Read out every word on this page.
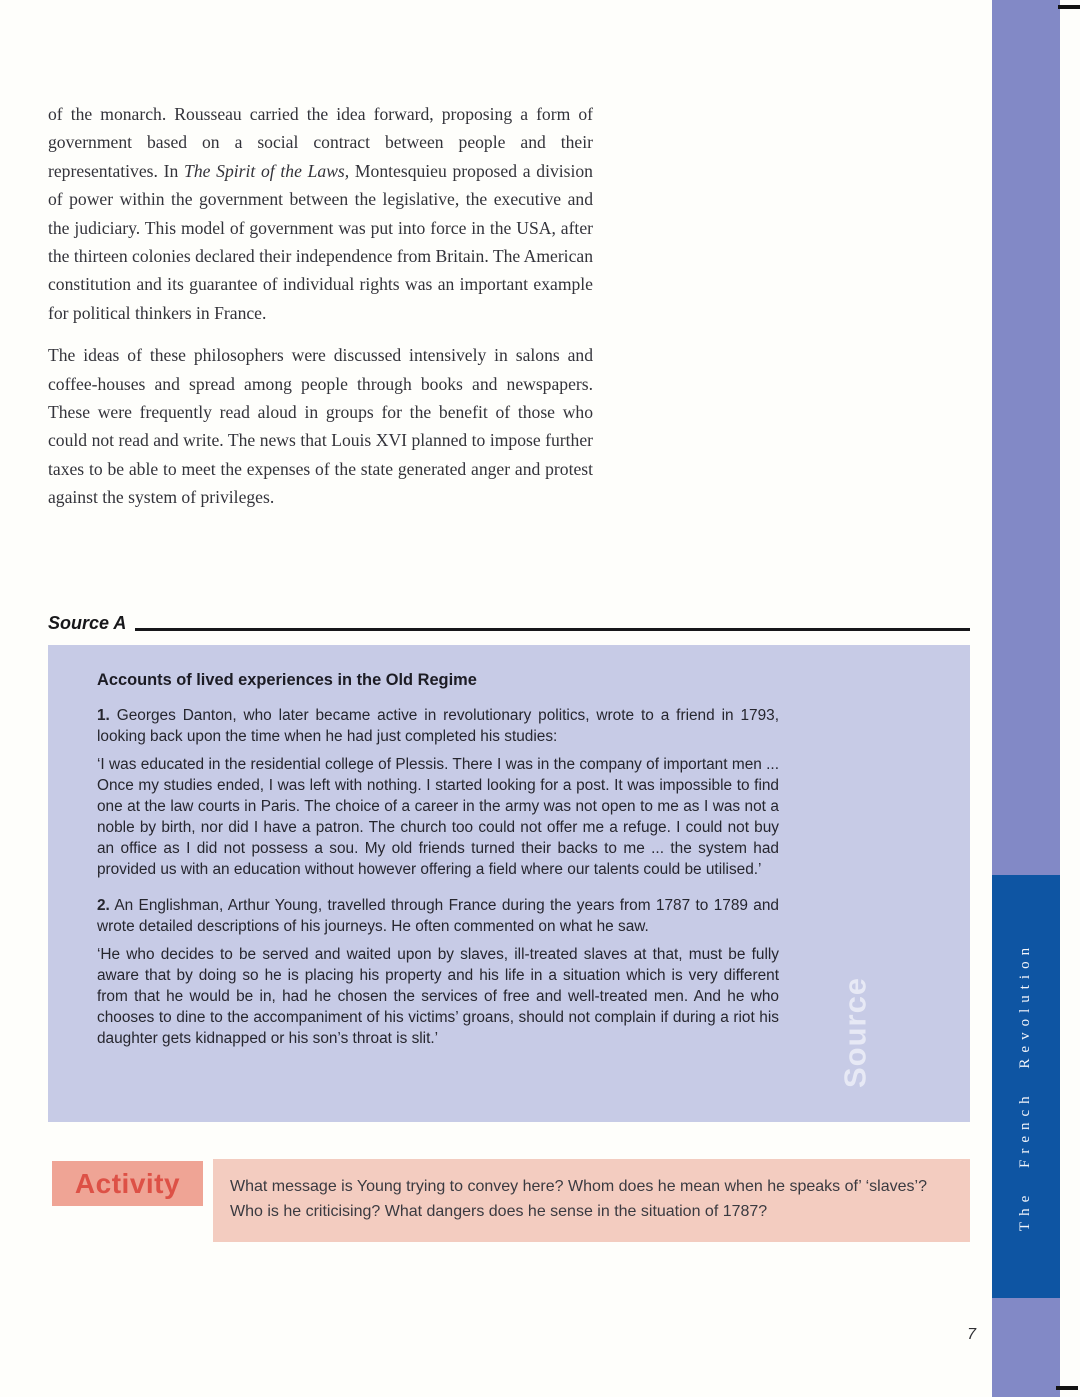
of the monarch. Rousseau carried the idea forward, proposing a form of government based on a social contract between people and their representatives. In The Spirit of the Laws, Montesquieu proposed a division of power within the government between the legislative, the executive and the judiciary. This model of government was put into force in the USA, after the thirteen colonies declared their independence from Britain. The American constitution and its guarantee of individual rights was an important example for political thinkers in France.

The ideas of these philosophers were discussed intensively in salons and coffee-houses and spread among people through books and newspapers. These were frequently read aloud in groups for the benefit of those who could not read and write. The news that Louis XVI planned to impose further taxes to be able to meet the expenses of the state generated anger and protest against the system of privileges.

Source A
Accounts of lived experiences in the Old Regime
1. Georges Danton, who later became active in revolutionary politics, wrote to a friend in 1793, looking back upon the time when he had just completed his studies:
‘I was educated in the residential college of Plessis. There I was in the company of important men ... Once my studies ended, I was left with nothing. I started looking for a post. It was impossible to find one at the law courts in Paris. The choice of a career in the army was not open to me as I was not a noble by birth, nor did I have a patron. The church too could not offer me a refuge. I could not buy an office as I did not possess a sou. My old friends turned their backs to me ... the system had provided us with an education without however offering a field where our talents could be utilised.’
2. An Englishman, Arthur Young, travelled through France during the years from 1787 to 1789 and wrote detailed descriptions of his journeys. He often commented on what he saw.
‘He who decides to be served and waited upon by slaves, ill-treated slaves at that, must be fully aware that by doing so he is placing his property and his life in a situation which is very different from that he would be in, had he chosen the services of free and well-treated men. And he who chooses to dine to the accompaniment of his victims’ groans, should not complain if during a riot his daughter gets kidnapped or his son’s throat is slit.’	Source
Activity	What message is Young trying to convey here? Whom does he mean when he speaks of’ ‘slaves’? Who is he criticising? What dangers does he sense in the situation of 1787?	The French Revolution
7
